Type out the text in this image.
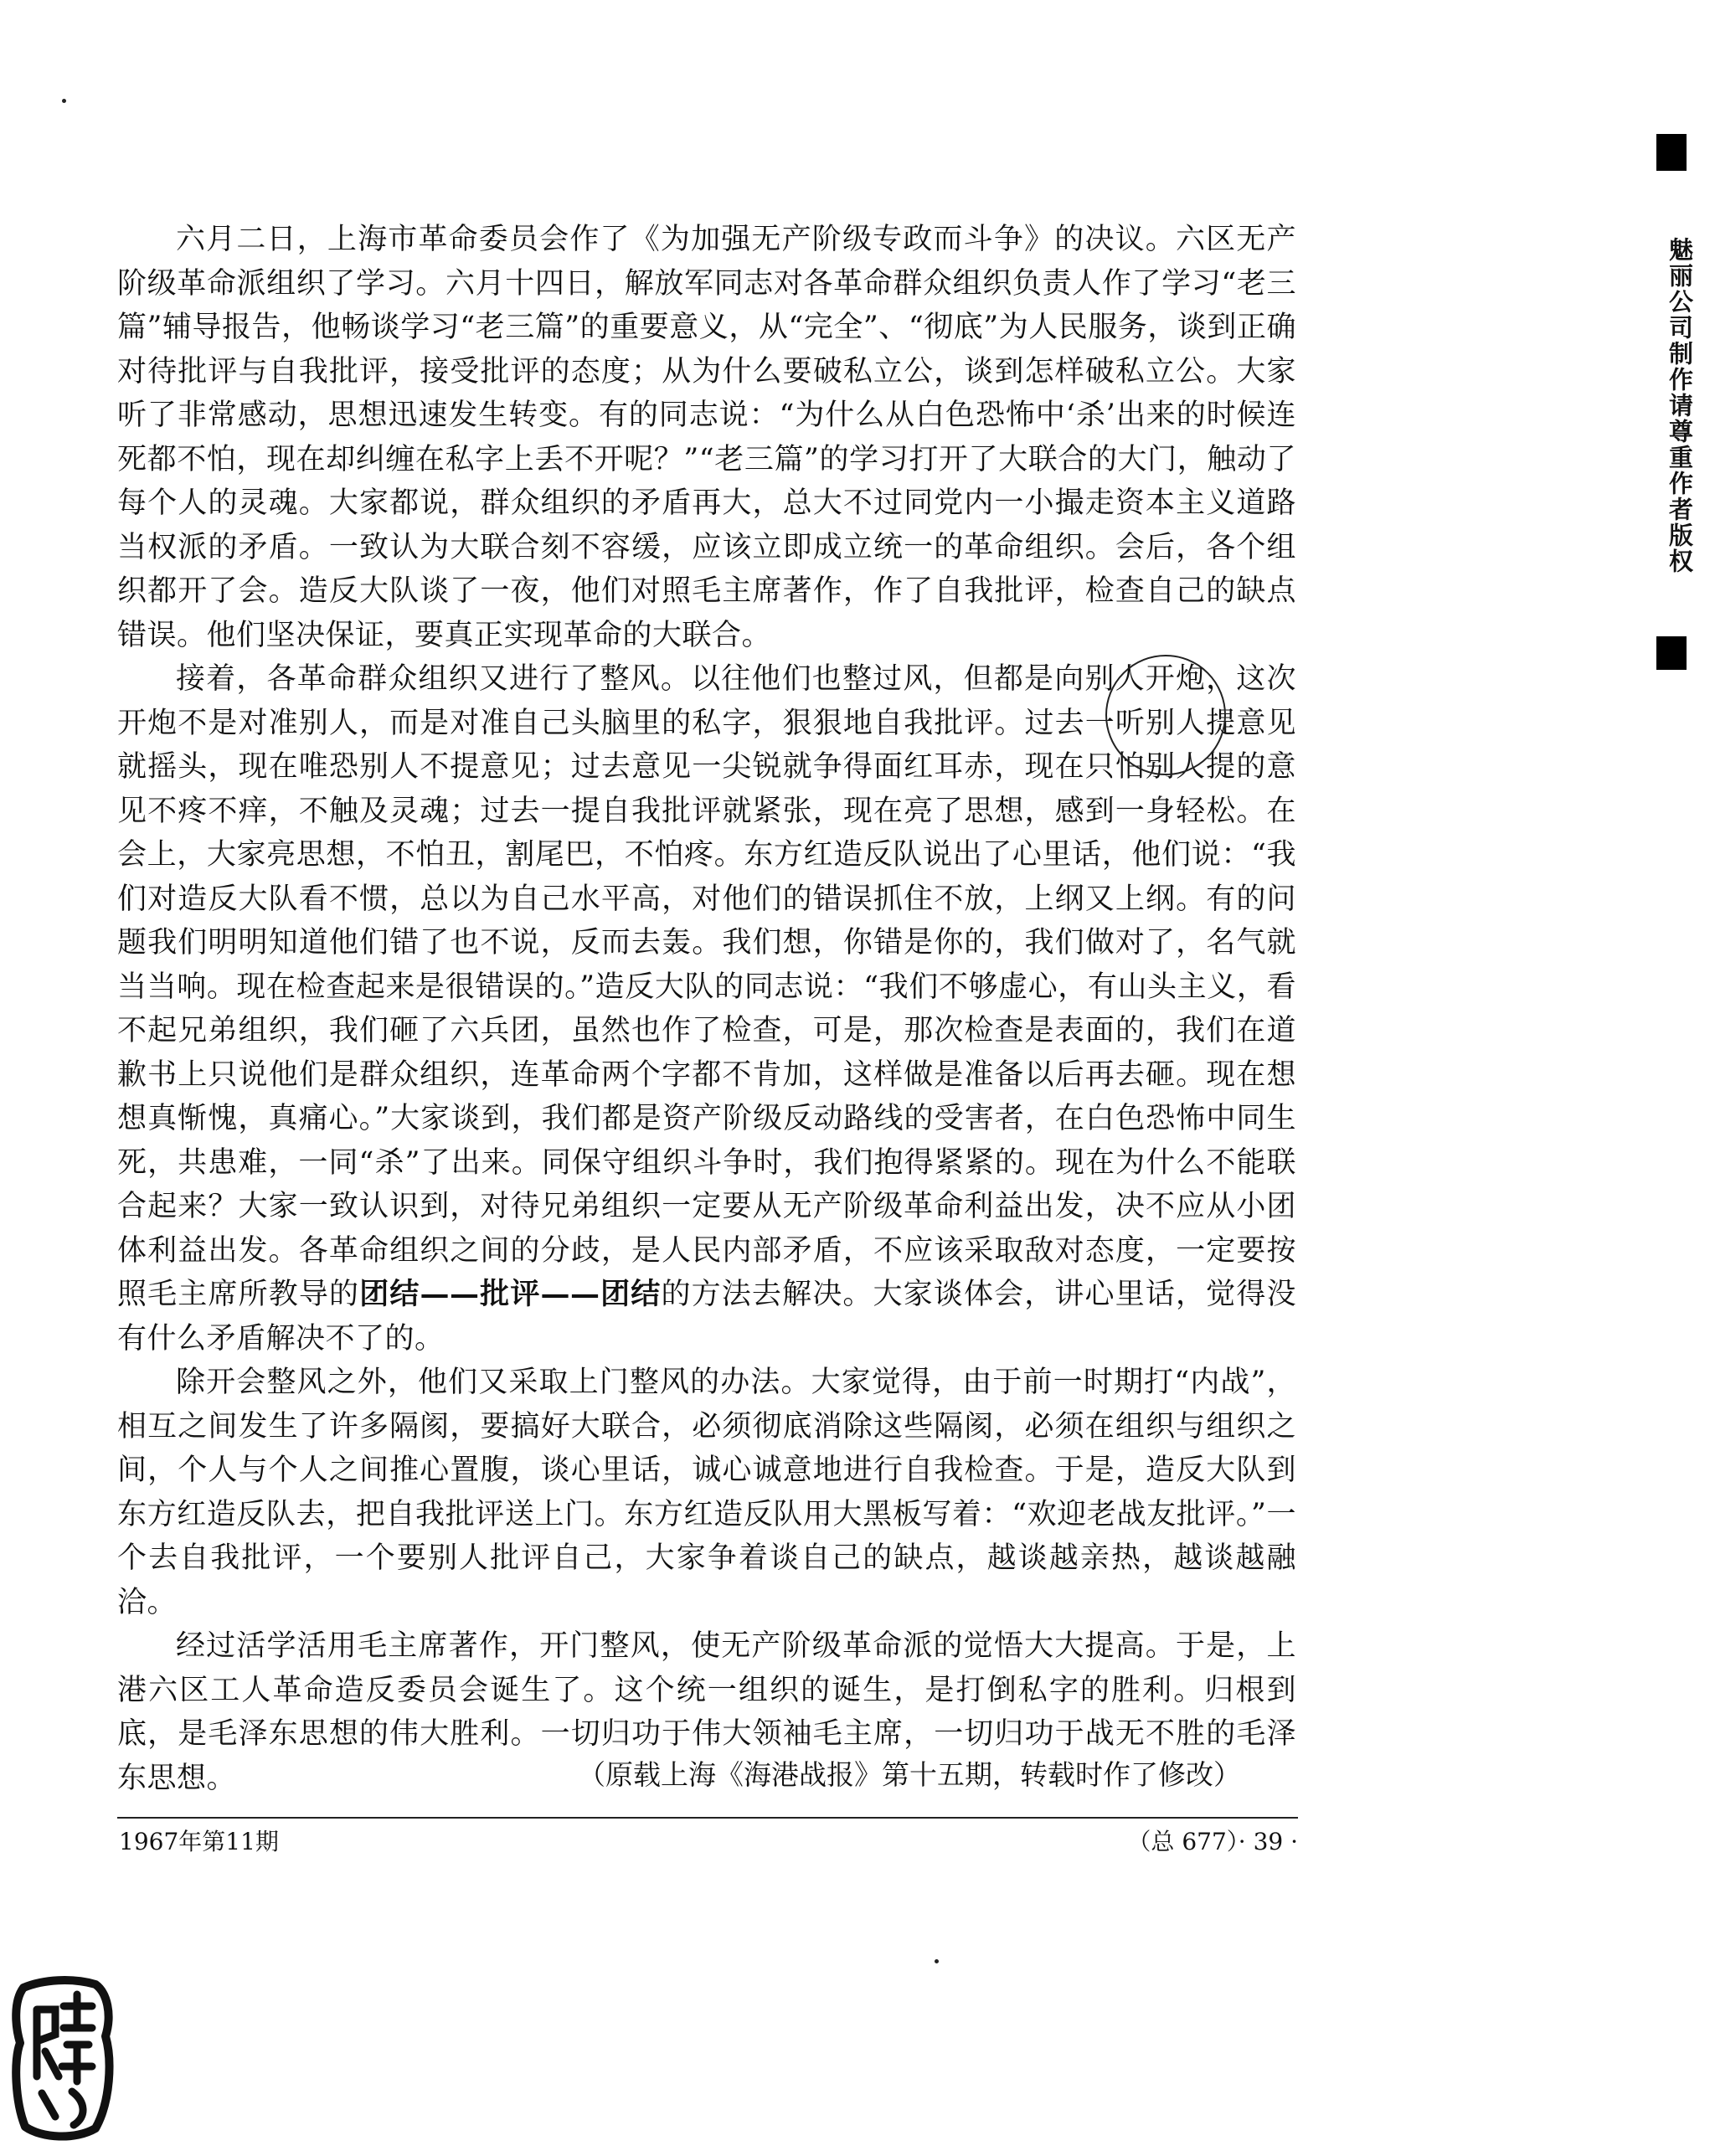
魅丽公司制作请尊重作者版权

六月二日，上海市革命委员会作了《为加强无产阶级专政而斗争》的决议。六区无产阶级革命派组织了学习。六月十四日，解放军同志对各革命群众组织负责人作了学习“老三篇”辅导报告，他畅谈学习“老三篇”的重要意义，从“完全”、“彻底”为人民服务，谈到正确对待批评与自我批评，接受批评的态度；从为什么要破私立公，谈到怎样破私立公。大家听了非常感动，思想迅速发生转变。有的同志说：“为什么从白色恐怖中‘杀’出来的时候连死都不怕，现在却纠缠在私字上丢不开呢？”“老三篇”的学习打开了大联合的大门，触动了每个人的灵魂。大家都说，群众组织的矛盾再大，总大不过同党内一小撮走资本主义道路当权派的矛盾。一致认为大联合刻不容缓，应该立即成立统一的革命组织。会后，各个组织都开了会。造反大队谈了一夜，他们对照毛主席著作，作了自我批评，检查自己的缺点错误。他们坚决保证，要真正实现革命的大联合。

接着，各革命群众组织又进行了整风。以往他们也整过风，但都是向别人开炮，这次开炮不是对准别人，而是对准自己头脑里的私字，狠狠地自我批评。过去一听别人提意见就摇头，现在唯恐别人不提意见；过去意见一尖锐就争得面红耳赤，现在只怕别人提的意见不疼不痒，不触及灵魂；过去一提自我批评就紧张，现在亮了思想，感到一身轻松。在会上，大家亮思想，不怕丑，割尾巴，不怕疼。东方红造反队说出了心里话，他们说：“我们对造反大队看不惯，总以为自己水平高，对他们的错误抓住不放，上纲又上纲。有的问题我们明明知道他们错了也不说，反而去轰。我们想，你错是你的，我们做对了，名气就当当响。现在检查起来是很错误的。”造反大队的同志说：“我们不够虚心，有山头主义，看不起兄弟组织，我们砸了六兵团，虽然也作了检查，可是，那次检查是表面的，我们在道歉书上只说他们是群众组织，连革命两个字都不肯加，这样做是准备以后再去砸。现在想想真惭愧，真痛心。”大家谈到，我们都是资产阶级反动路线的受害者，在白色恐怖中同生死，共患难，一同“杀”了出来。同保守组织斗争时，我们抱得紧紧的。现在为什么不能联合起来？大家一致认识到，对待兄弟组织一定要从无产阶级革命利益出发，决不应从小团体利益出发。各革命组织之间的分歧，是人民内部矛盾，不应该采取敌对态度，一定要按照毛主席所教导的团结——批评——团结的方法去解决。大家谈体会，讲心里话，觉得没有什么矛盾解决不了的。

除开会整风之外，他们又采取上门整风的办法。大家觉得，由于前一时期打“内战”，相互之间发生了许多隔阂，要搞好大联合，必须彻底消除这些隔阂，必须在组织与组织之间，个人与个人之间推心置腹，谈心里话，诚心诚意地进行自我检查。于是，造反大队到东方红造反队去，把自我批评送上门。东方红造反队用大黑板写着：“欢迎老战友批评。”一个去自我批评，一个要别人批评自己，大家争着谈自己的缺点，越谈越亲热，越谈越融洽。

经过活学活用毛主席著作，开门整风，使无产阶级革命派的觉悟大大提高。于是，上港六区工人革命造反委员会诞生了。这个统一组织的诞生，是打倒私字的胜利。归根到底，是毛泽东思想的伟大胜利。一切归功于伟大领袖毛主席，一切归功于战无不胜的毛泽东思想。	（原载上海《海港战报》第十五期，转载时作了修改）
1967年第11期	（总 677）· 39 ·
